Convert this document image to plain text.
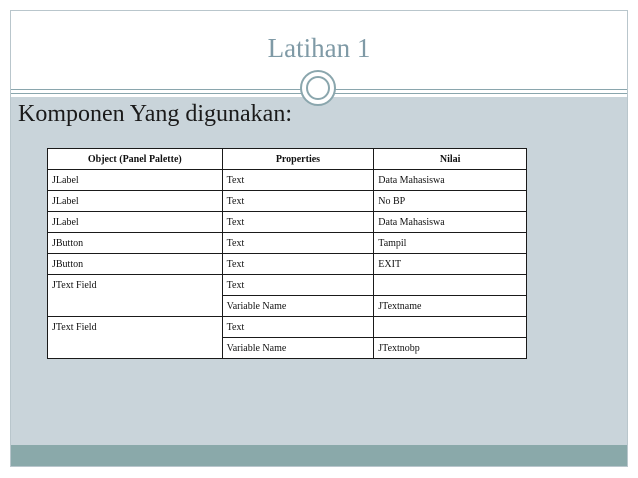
Latihan 1
Komponen Yang digunakan:
Object (Panel Palette)	Properties	Nilai
JLabel	Text	Data Mahasiswa
JLabel	Text	No BP
JLabel	Text	Data Mahasiswa
JButton	Text	Tampil
JButton	Text	EXIT
JText Field	Text	
	Variable Name	JTextname
JText Field	Text	
	Variable Name	JTextnobp
